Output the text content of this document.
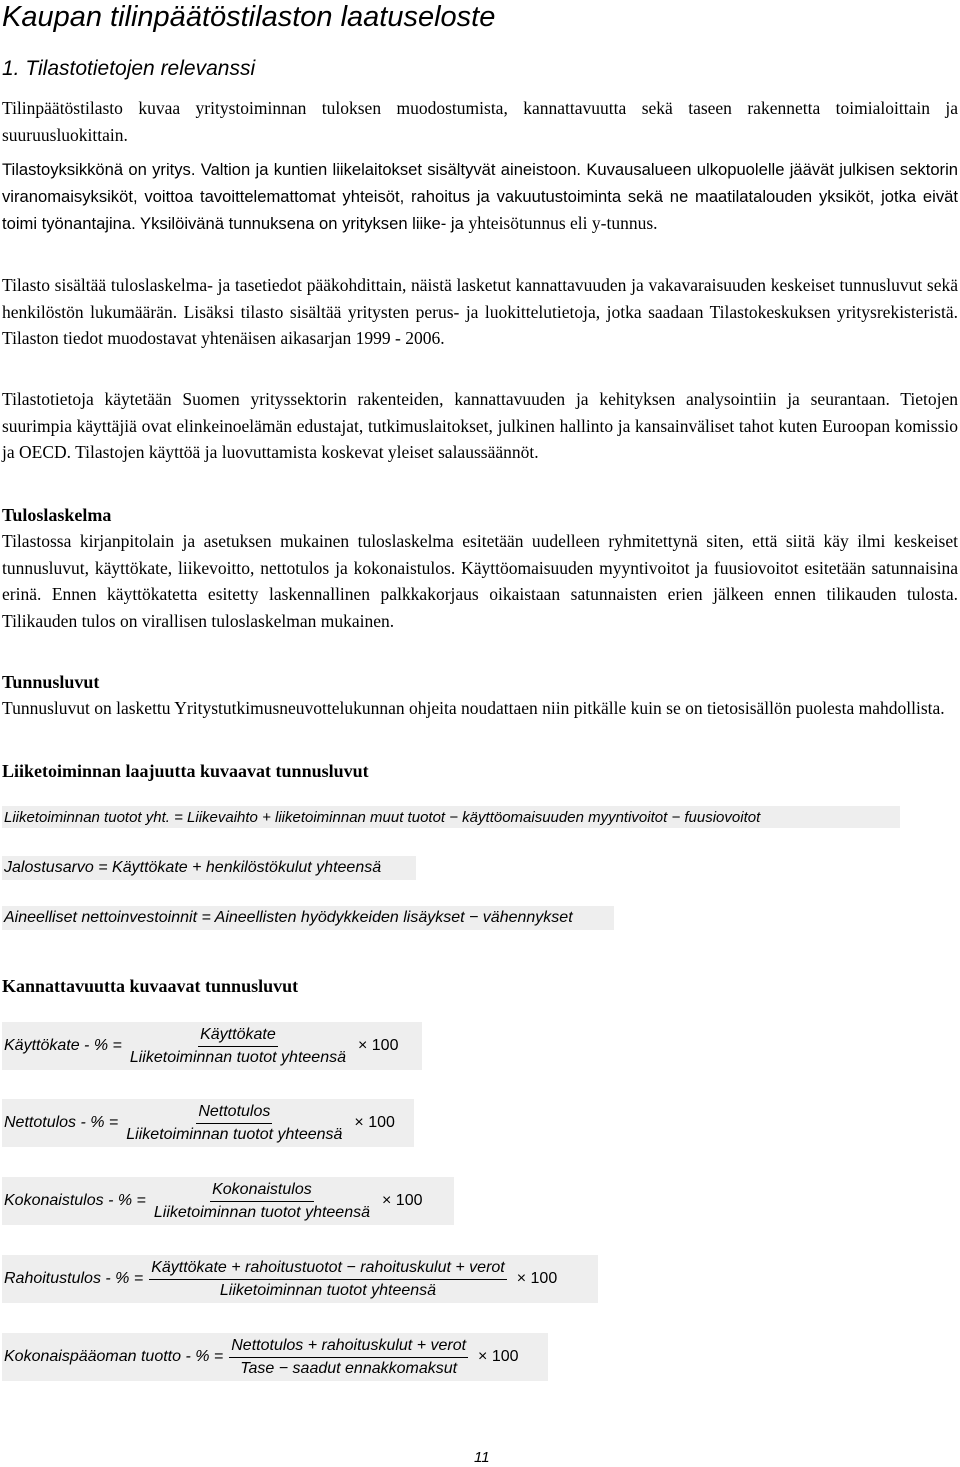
Kaupan tilinpäätöstilaston laatuseloste
1. Tilastotietojen relevanssi

Tilinpäätöstilasto kuvaa yritystoiminnan tuloksen muodostumista, kannattavuutta sekä taseen rakennetta toimialoittain ja suuruusluokittain.

Tilastoyksikkönä on yritys. Valtion ja kuntien liikelaitokset sisältyvät aineistoon. Kuvausalueen ulkopuolelle jäävät julkisen sektorin viranomaisyksiköt, voittoa tavoittelemattomat yhteisöt, rahoitus ja vakuutustoiminta sekä ne maatilatalouden yksiköt, jotka eivät toimi työnantajina. Yksilöivänä tunnuksena on yrityksen liike- ja yhteisötunnus eli y-tunnus.

Tilasto sisältää tuloslaskelma- ja tasetiedot pääkohdittain, näistä lasketut kannattavuuden ja vakavaraisuuden keskeiset tunnusluvut sekä henkilöstön lukumäärän. Lisäksi tilasto sisältää yritysten perus- ja luokittelutietoja, jotka saadaan Tilastokeskuksen yritysrekisteristä. Tilaston tiedot muodostavat yhtenäisen aikasarjan 1999 - 2006.

Tilastotietoja käytetään Suomen yrityssektorin rakenteiden, kannattavuuden ja kehityksen analysointiin ja seurantaan. Tietojen suurimpia käyttäjiä ovat elinkeinoelämän edustajat, tutkimuslaitokset, julkinen hallinto ja kansainväliset tahot kuten Euroopan komissio ja OECD. Tilastojen käyttöä ja luovuttamista koskevat yleiset salaussäännöt.

Tuloslaskelma

Tilastossa kirjanpitolain ja asetuksen mukainen tuloslaskelma esitetään uudelleen ryhmitettynä siten, että siitä käy ilmi keskeiset tunnusluvut, käyttökate, liikevoitto, nettotulos ja kokonaistulos. Käyttöomaisuuden myyntivoitot ja fuusiovoitot esitetään satunnaisina erinä. Ennen käyttökatetta esitetty laskennallinen palkkakorjaus oikaistaan satunnaisten erien jälkeen ennen tilikauden tulosta. Tilikauden tulos on virallisen tuloslaskelman mukainen.

Tunnusluvut

Tunnusluvut on laskettu Yritystutkimusneuvottelukunnan ohjeita noudattaen niin pitkälle kuin se on tietosisällön puolesta mahdollista.

Liiketoiminnan laajuutta kuvaavat tunnusluvut
Liiketoiminnan tuotot yht. = Liikevaihto + liiketoiminnan muut tuotot − käyttöomaisuuden myyntivoitot − fuusiovoitot
Jalostusarvo = Käyttökate + henkilöstökulut yhteensä
Aineelliset nettoinvestoinnit = Aineellisten hyödykkeiden lisäykset − vähennykset
Kannattavuutta kuvaavat tunnusluvut
Käyttökate - % = $\frac{\text{Käyttökate}}{\text{Liiketoiminnan tuotot yhteensä}} \times 100$
Nettotulos - % = $\frac{\text{Nettotulos}}{\text{Liiketoiminnan tuotot yhteensä}} \times 100$
Kokonaistulos - % = $\frac{\text{Kokonaistulos}}{\text{Liiketoiminnan tuotot yhteensä}} \times 100$
Rahoitustulos - % = $\frac{\text{Käyttökate + rahoitustuotot − rahoituskulut + verot}}{\text{Liiketoiminnan tuotot yhteensä}} \times 100$
Kokonaispääoman tuotto - % = $\frac{\text{Nettotulos + rahoituskulut + verot}}{\text{Tase − saadut ennakkomaksut}} \times 100$
11
